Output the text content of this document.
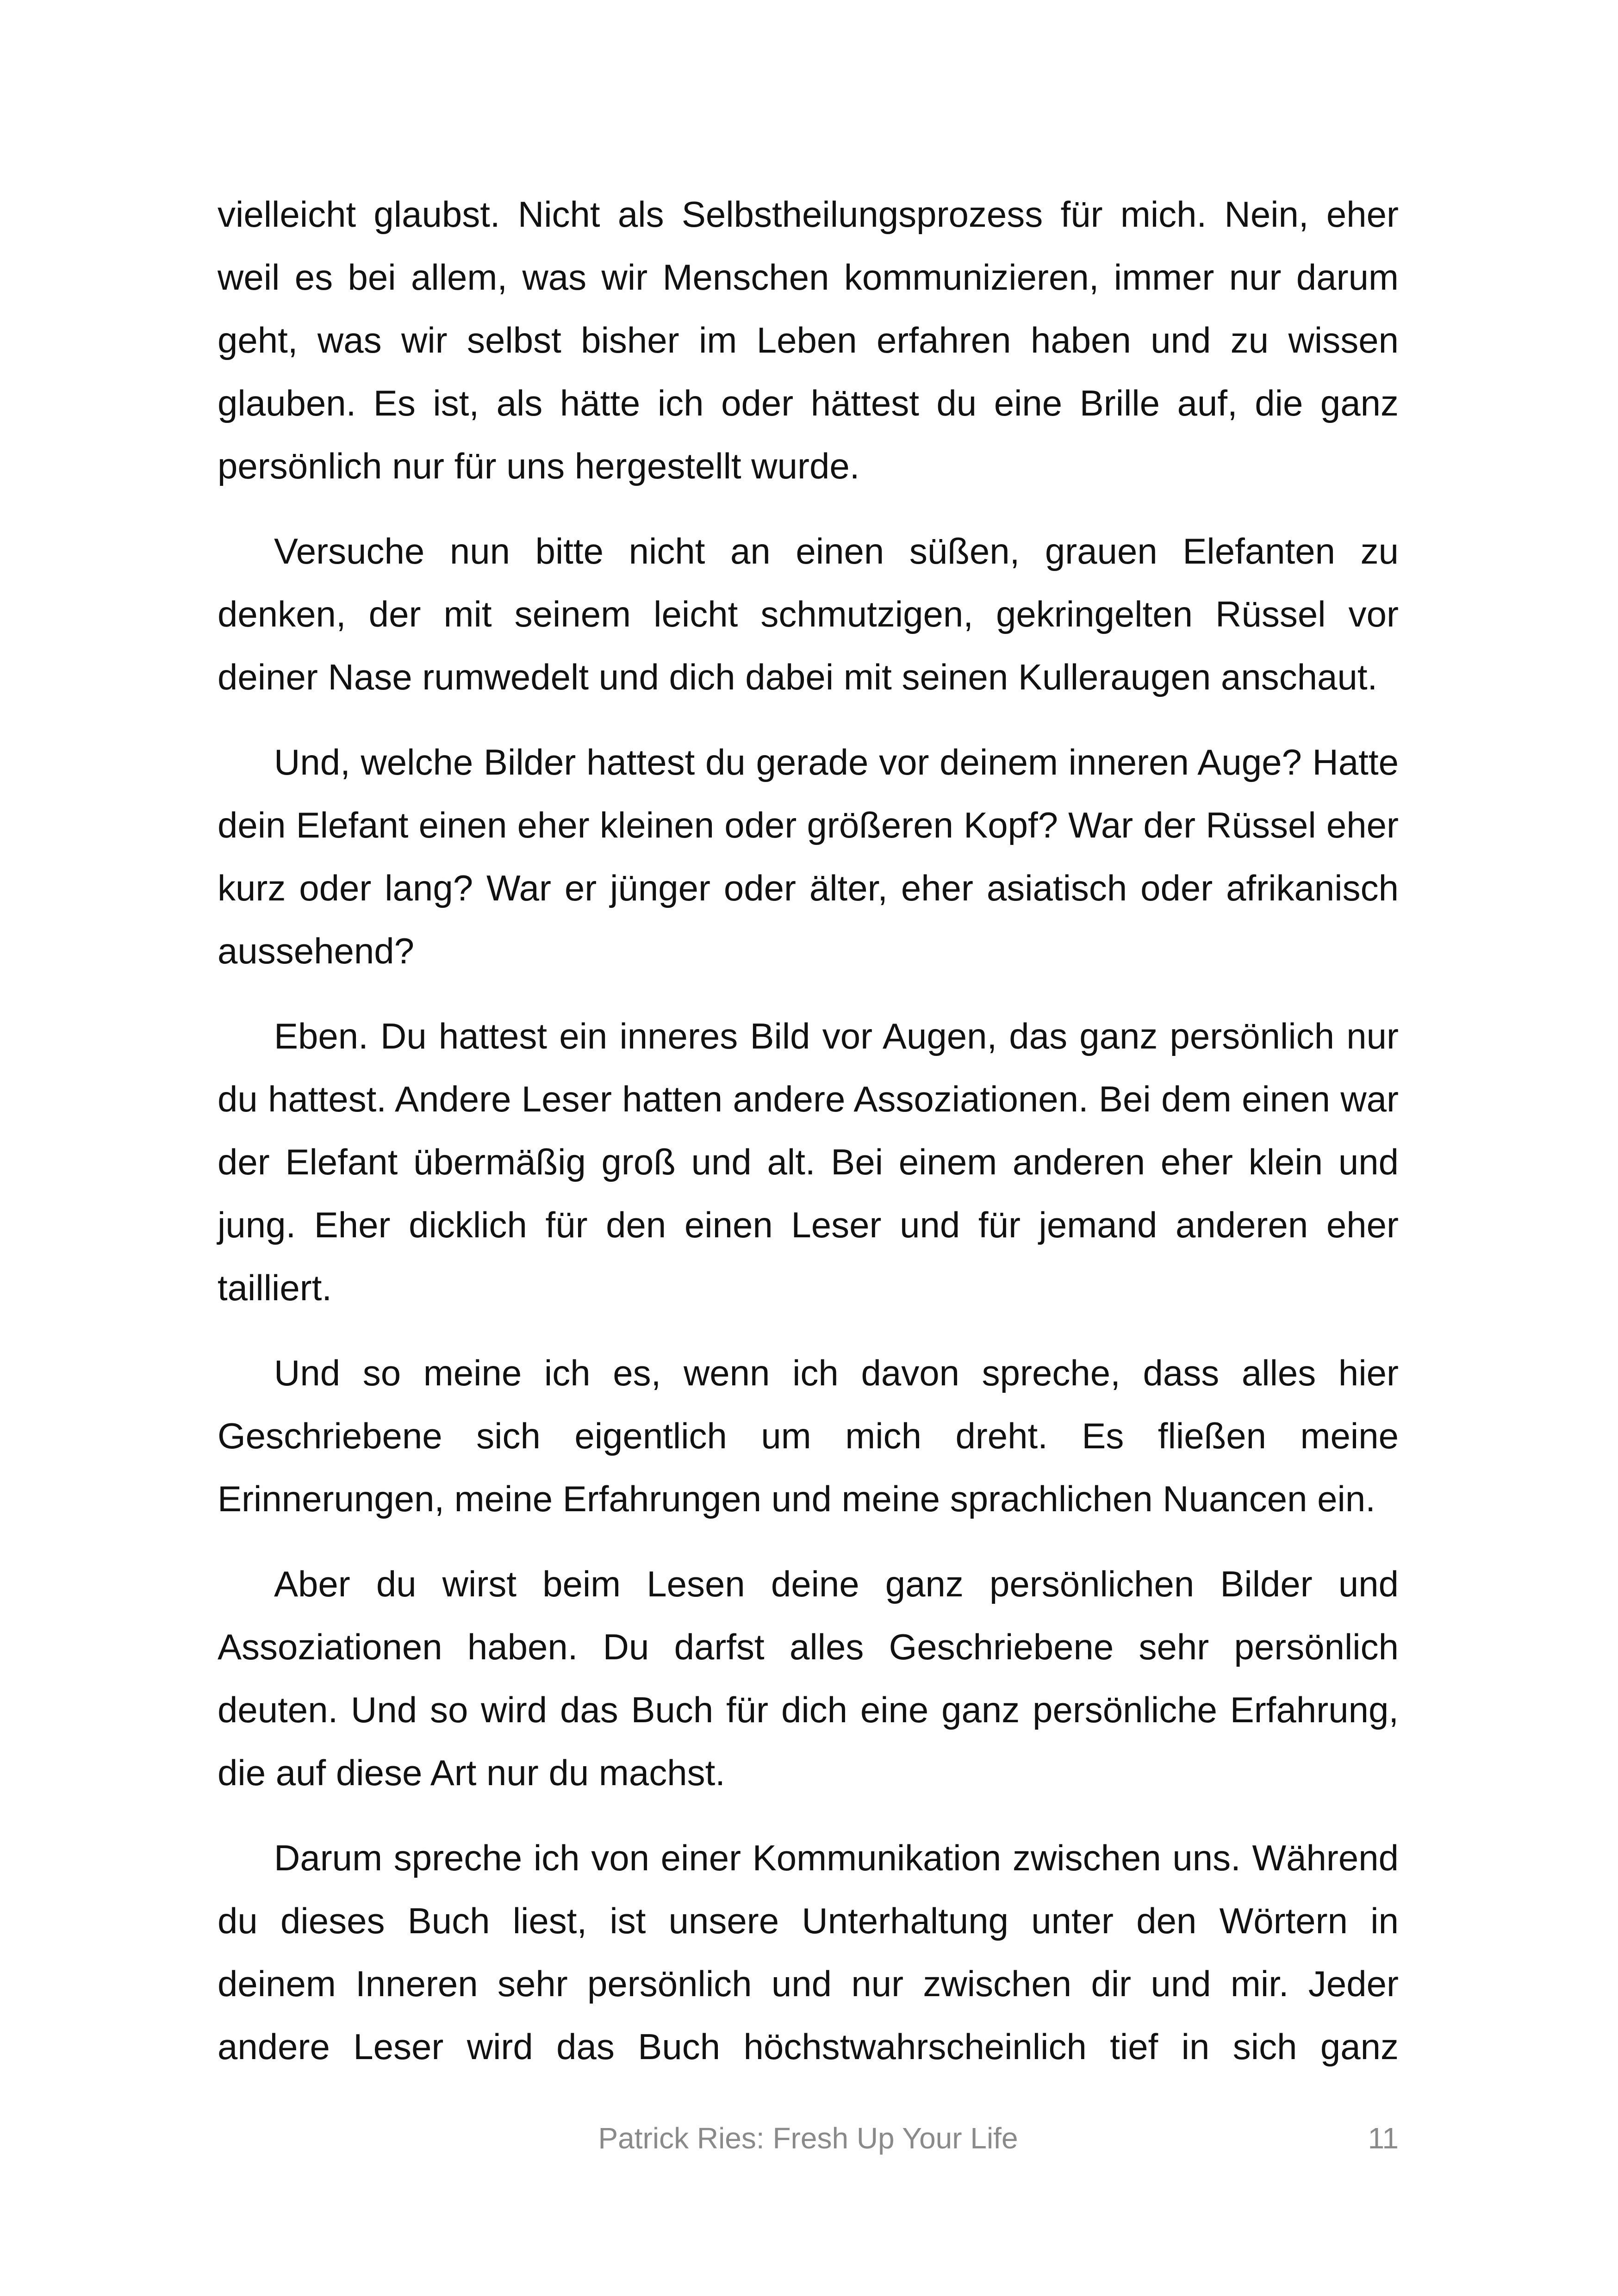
vielleicht glaubst. Nicht als Selbstheilungsprozess für mich. Nein, eher weil es bei allem, was wir Menschen kommunizieren, immer nur darum geht, was wir selbst bisher im Leben erfahren haben und zu wissen glauben. Es ist, als hätte ich oder hättest du eine Brille auf, die ganz persönlich nur für uns hergestellt wurde.

Versuche nun bitte nicht an einen süßen, grauen Elefanten zu denken, der mit seinem leicht schmutzigen, gekringelten Rüssel vor deiner Nase rumwedelt und dich dabei mit seinen Kulleraugen anschaut.

Und, welche Bilder hattest du gerade vor deinem inneren Auge? Hatte dein Elefant einen eher kleinen oder größeren Kopf? War der Rüssel eher kurz oder lang? War er jünger oder älter, eher asiatisch oder afrikanisch aussehend?

Eben. Du hattest ein inneres Bild vor Augen, das ganz persönlich nur du hattest. Andere Leser hatten andere Assoziationen. Bei dem einen war der Elefant übermäßig groß und alt. Bei einem anderen eher klein und jung. Eher dicklich für den einen Leser und für jemand anderen eher tailliert.

Und so meine ich es, wenn ich davon spreche, dass alles hier Geschriebene sich eigentlich um mich dreht. Es fließen meine Erinnerungen, meine Erfahrungen und meine sprachlichen Nuancen ein.

Aber du wirst beim Lesen deine ganz persönlichen Bilder und Assoziationen haben. Du darfst alles Geschriebene sehr persönlich deuten. Und so wird das Buch für dich eine ganz persönliche Erfahrung, die auf diese Art nur du machst.

Darum spreche ich von einer Kommunikation zwischen uns. Während du dieses Buch liest, ist unsere Unterhaltung unter den Wörtern in deinem Inneren sehr persönlich und nur zwischen dir und mir. Jeder andere Leser wird das Buch höchstwahrscheinlich tief in sich ganz

Patrick Ries: Fresh Up Your Life	11
